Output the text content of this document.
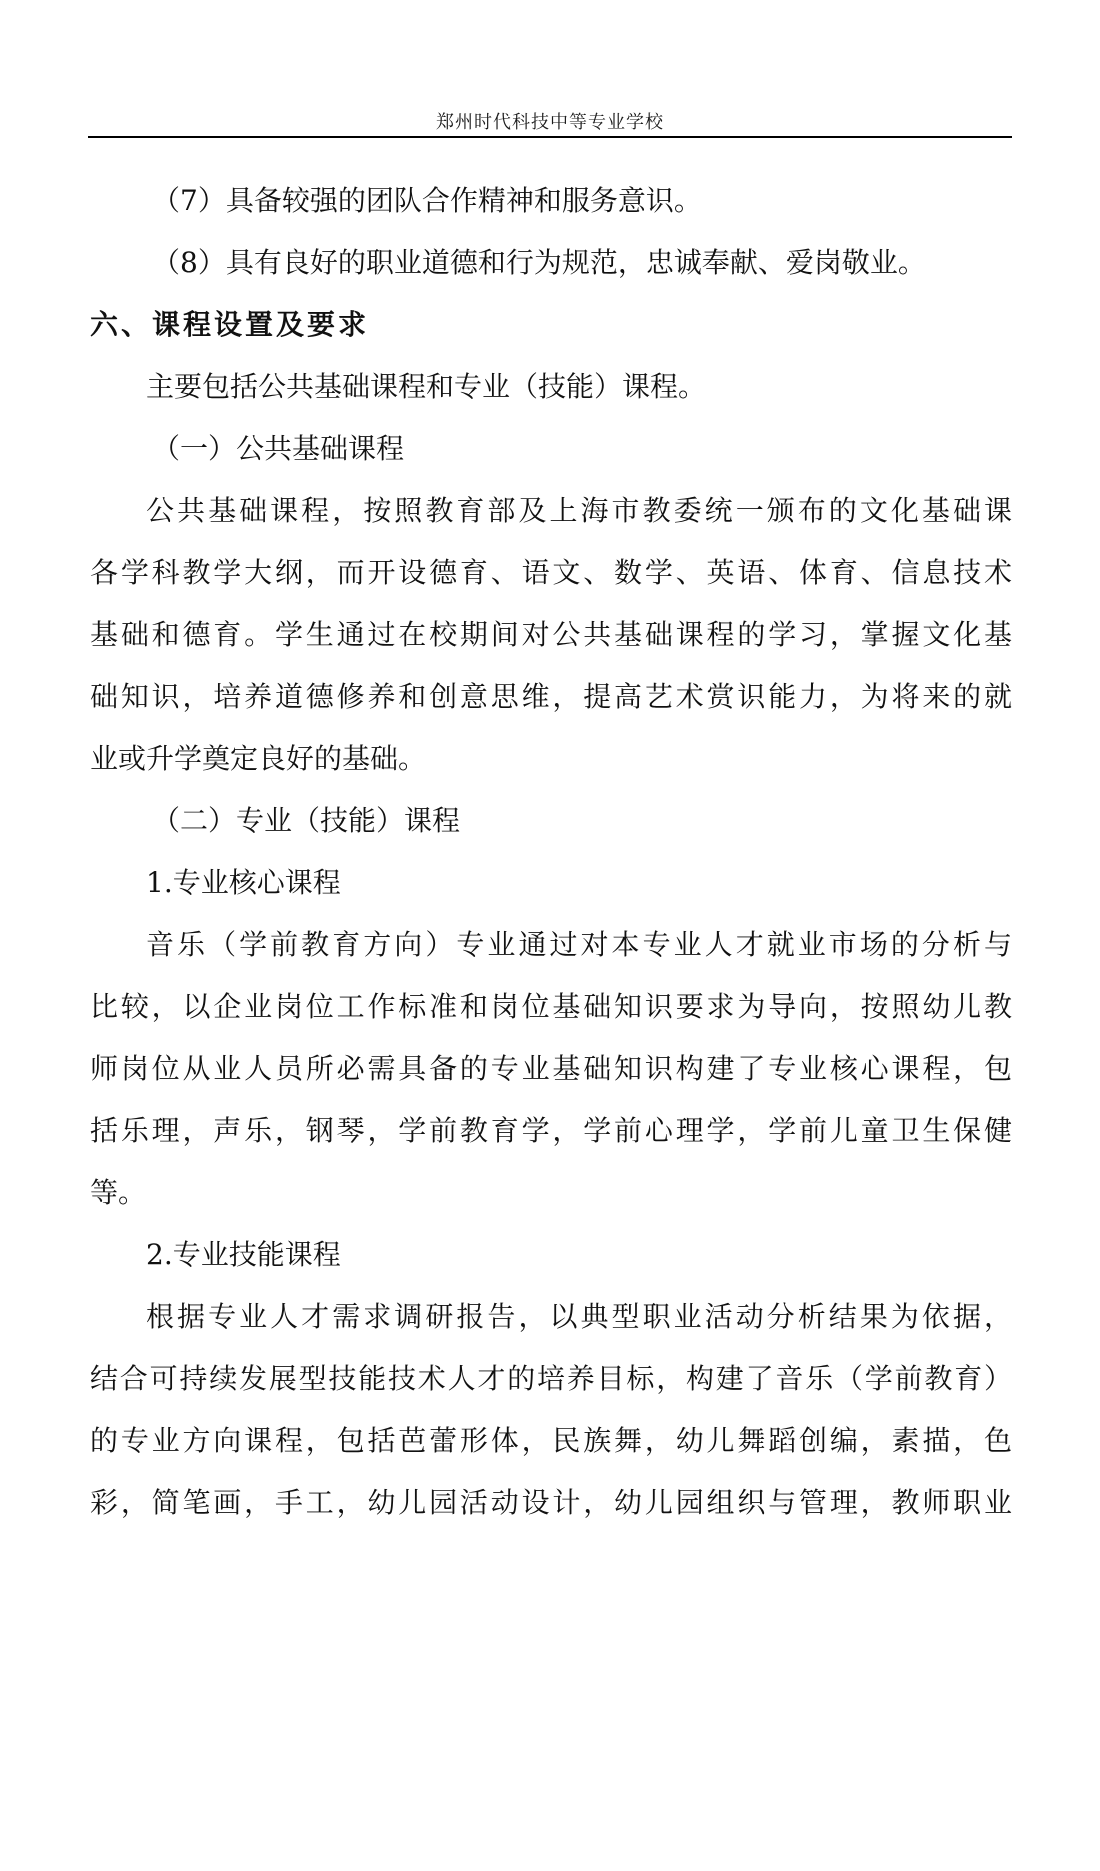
郑州时代科技中等专业学校
（7）具备较强的团队合作精神和服务意识。
（8）具有良好的职业道德和行为规范，忠诚奉献、爱岗敬业。
六、课程设置及要求
主要包括公共基础课程和专业（技能）课程。
（一）公共基础课程
公共基础课程，按照教育部及上海市教委统一颁布的文化基础课
各学科教学大纲，而开设德育、语文、数学、英语、体育、信息技术
基础和德育。学生通过在校期间对公共基础课程的学习，掌握文化基
础知识，培养道德修养和创意思维，提高艺术赏识能力，为将来的就
业或升学奠定良好的基础。
（二）专业（技能）课程
1.专业核心课程
音乐（学前教育方向）专业通过对本专业人才就业市场的分析与
比较，以企业岗位工作标准和岗位基础知识要求为导向，按照幼儿教
师岗位从业人员所必需具备的专业基础知识构建了专业核心课程，包
括乐理，声乐，钢琴，学前教育学，学前心理学，学前儿童卫生保健
等。
2.专业技能课程
根据专业人才需求调研报告，以典型职业活动分析结果为依据，
结合可持续发展型技能技术人才的培养目标，构建了音乐（学前教育）
的专业方向课程，包括芭蕾形体，民族舞，幼儿舞蹈创编，素描，色
彩，简笔画，手工，幼儿园活动设计，幼儿园组织与管理，教师职业
